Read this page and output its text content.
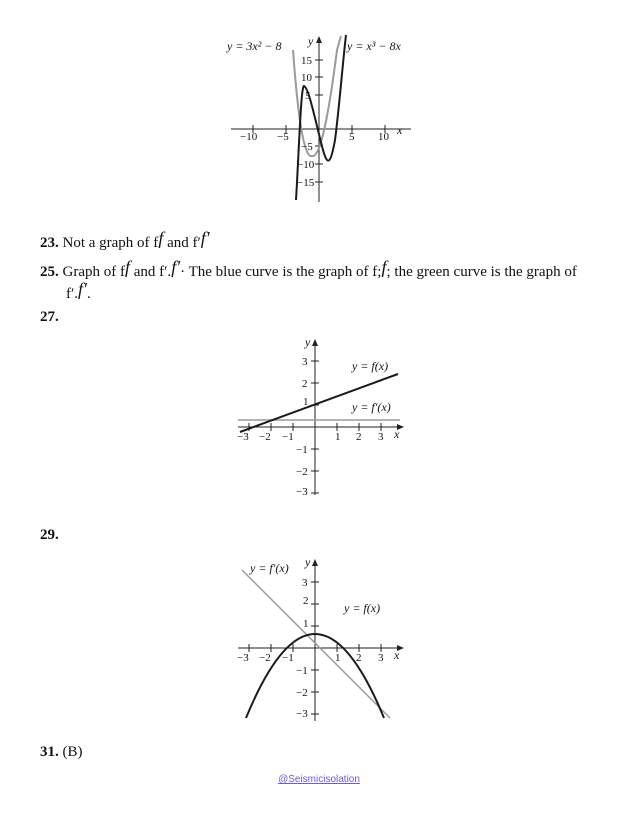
−10 −5	5 10
15
10
5
−5
−10
−15
x
y
y = 3x² − 8	y = x³ − 8x
23. Not a graph of ff and f′f′
25. Graph of ff and f′.f′· The blue curve is the graph of f;f; the green curve is the graph of
f′.f′.
27.
−3 −2 −1	1 2 3
3
2
1
−1
−2
−3
x
y
y = f(x)
y = f′(x)
29.
−3 −2 −1	1 2 3
3
2
1
−1
−2
−3
x
y
y = f′(x)
y = f(x)
31. (B)
@Seismicisolation
